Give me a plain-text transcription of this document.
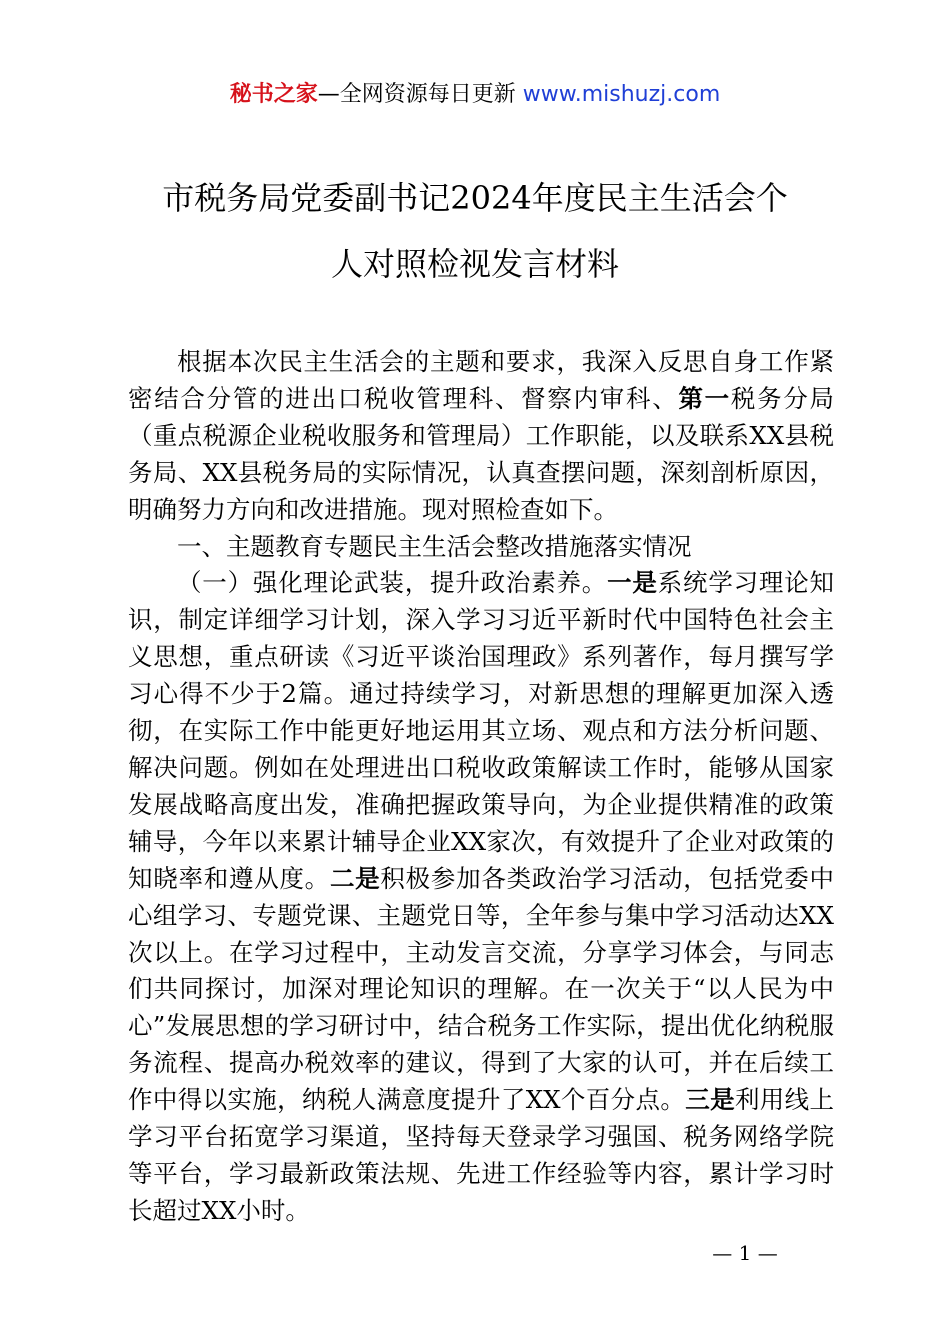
秘书之家—全网资源每日更新 www.mishuzj.com
市税务局党委副书记2024年度民主生活会个
人对照检视发言材料

根据本次民主生活会的主题和要求，我深入反思自身工作紧密结合分管的进出口税收管理科、督察内审科、第一税务分局（重点税源企业税收服务和管理局）工作职能，以及联系XX县税务局、XX县税务局的实际情况，认真查摆问题，深刻剖析原因，明确努力方向和改进措施。现对照检查如下。

一、主题教育专题民主生活会整改措施落实情况

（一）强化理论武装，提升政治素养。一是系统学习理论知识，制定详细学习计划，深入学习习近平新时代中国特色社会主义思想，重点研读《习近平谈治国理政》系列著作，每月撰写学习心得不少于2篇。通过持续学习，对新思想的理解更加深入透彻，在实际工作中能更好地运用其立场、观点和方法分析问题、解决问题。例如在处理进出口税收政策解读工作时，能够从国家发展战略高度出发，准确把握政策导向，为企业提供精准的政策辅导，今年以来累计辅导企业XX家次，有效提升了企业对政策的知晓率和遵从度。二是积极参加各类政治学习活动，包括党委中心组学习、专题党课、主题党日等，全年参与集中学习活动达XX次以上。在学习过程中，主动发言交流，分享学习体会，与同志们共同探讨，加深对理论知识的理解。在一次关于“以人民为中心”发展思想的学习研讨中，结合税务工作实际，提出优化纳税服务流程、提高办税效率的建议，得到了大家的认可，并在后续工作中得以实施，纳税人满意度提升了XX个百分点。三是利用线上学习平台拓宽学习渠道，坚持每天登录学习强国、税务网络学院等平台，学习最新政策法规、先进工作经验等内容，累计学习时长超过XX小时。

— 1 —
